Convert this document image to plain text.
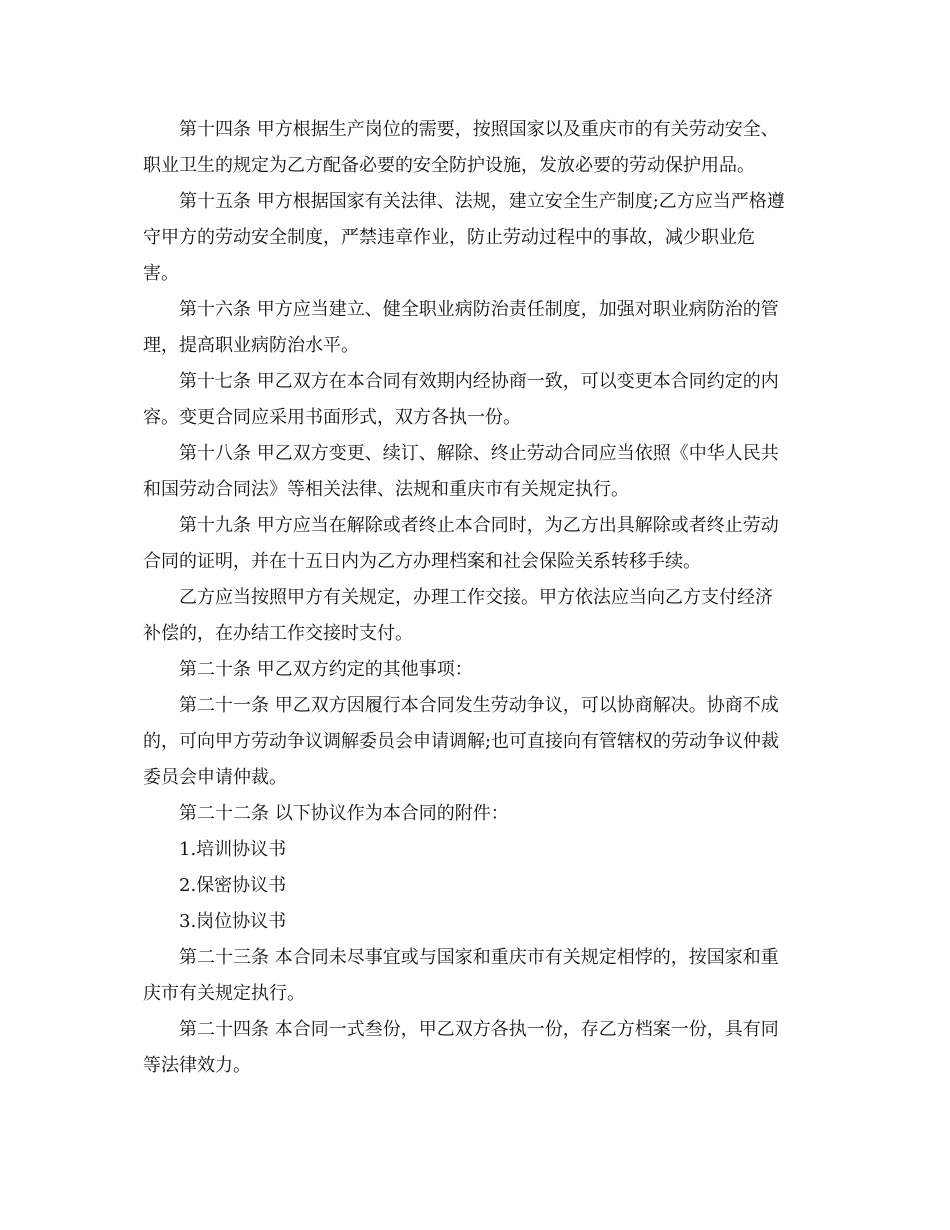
第十四条 甲方根据生产岗位的需要，按照国家以及重庆市的有关劳动安全、
职业卫生的规定为乙方配备必要的安全防护设施，发放必要的劳动保护用品。

第十五条 甲方根据国家有关法律、法规，建立安全生产制度;乙方应当严格遵
守甲方的劳动安全制度，严禁违章作业，防止劳动过程中的事故，减少职业危
害。

第十六条 甲方应当建立、健全职业病防治责任制度，加强对职业病防治的管
理，提高职业病防治水平。

第十七条 甲乙双方在本合同有效期内经协商一致，可以变更本合同约定的内
容。变更合同应采用书面形式，双方各执一份。

第十八条 甲乙双方变更、续订、解除、终止劳动合同应当依照《中华人民共
和国劳动合同法》等相关法律、法规和重庆市有关规定执行。

第十九条 甲方应当在解除或者终止本合同时，为乙方出具解除或者终止劳动
合同的证明，并在十五日内为乙方办理档案和社会保险关系转移手续。

乙方应当按照甲方有关规定，办理工作交接。甲方依法应当向乙方支付经济
补偿的，在办结工作交接时支付。

第二十条 甲乙双方约定的其他事项：

第二十一条 甲乙双方因履行本合同发生劳动争议，可以协商解决。协商不成
的，可向甲方劳动争议调解委员会申请调解;也可直接向有管辖权的劳动争议仲裁
委员会申请仲裁。

第二十二条 以下协议作为本合同的附件：

1.培训协议书

2.保密协议书

3.岗位协议书

第二十三条 本合同未尽事宜或与国家和重庆市有关规定相悖的，按国家和重
庆市有关规定执行。

第二十四条 本合同一式叁份，甲乙双方各执一份，存乙方档案一份，具有同
等法律效力。
